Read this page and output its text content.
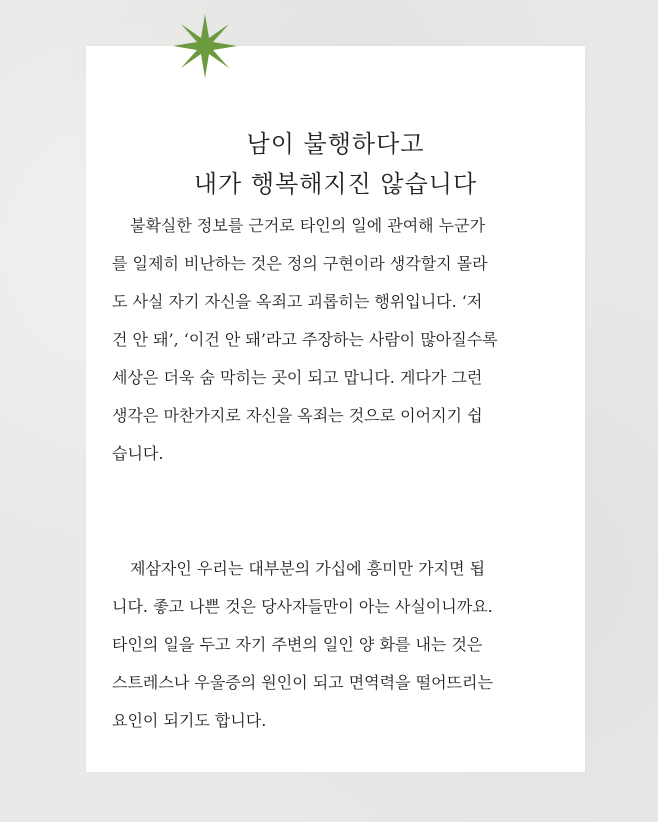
남이 불행하다고
내가 행복해지진 않습니다
불확실한 정보를 근거로 타인의 일에 관여해 누군가
를 일제히 비난하는 것은 정의 구현이라 생각할지 몰라
도 사실 자기 자신을 옥죄고 괴롭히는 행위입니다. ‘저
건 안 돼’, ‘이건 안 돼’라고 주장하는 사람이 많아질수록
세상은 더욱 숨 막히는 곳이 되고 맙니다. 게다가 그런
생각은 마찬가지로 자신을 옥죄는 것으로 이어지기 쉽
습니다.
제삼자인 우리는 대부분의 가십에 흥미만 가지면 됩
니다. 좋고 나쁜 것은 당사자들만이 아는 사실이니까요.
타인의 일을 두고 자기 주변의 일인 양 화를 내는 것은
스트레스나 우울증의 원인이 되고 면역력을 떨어뜨리는
요인이 되기도 합니다.
